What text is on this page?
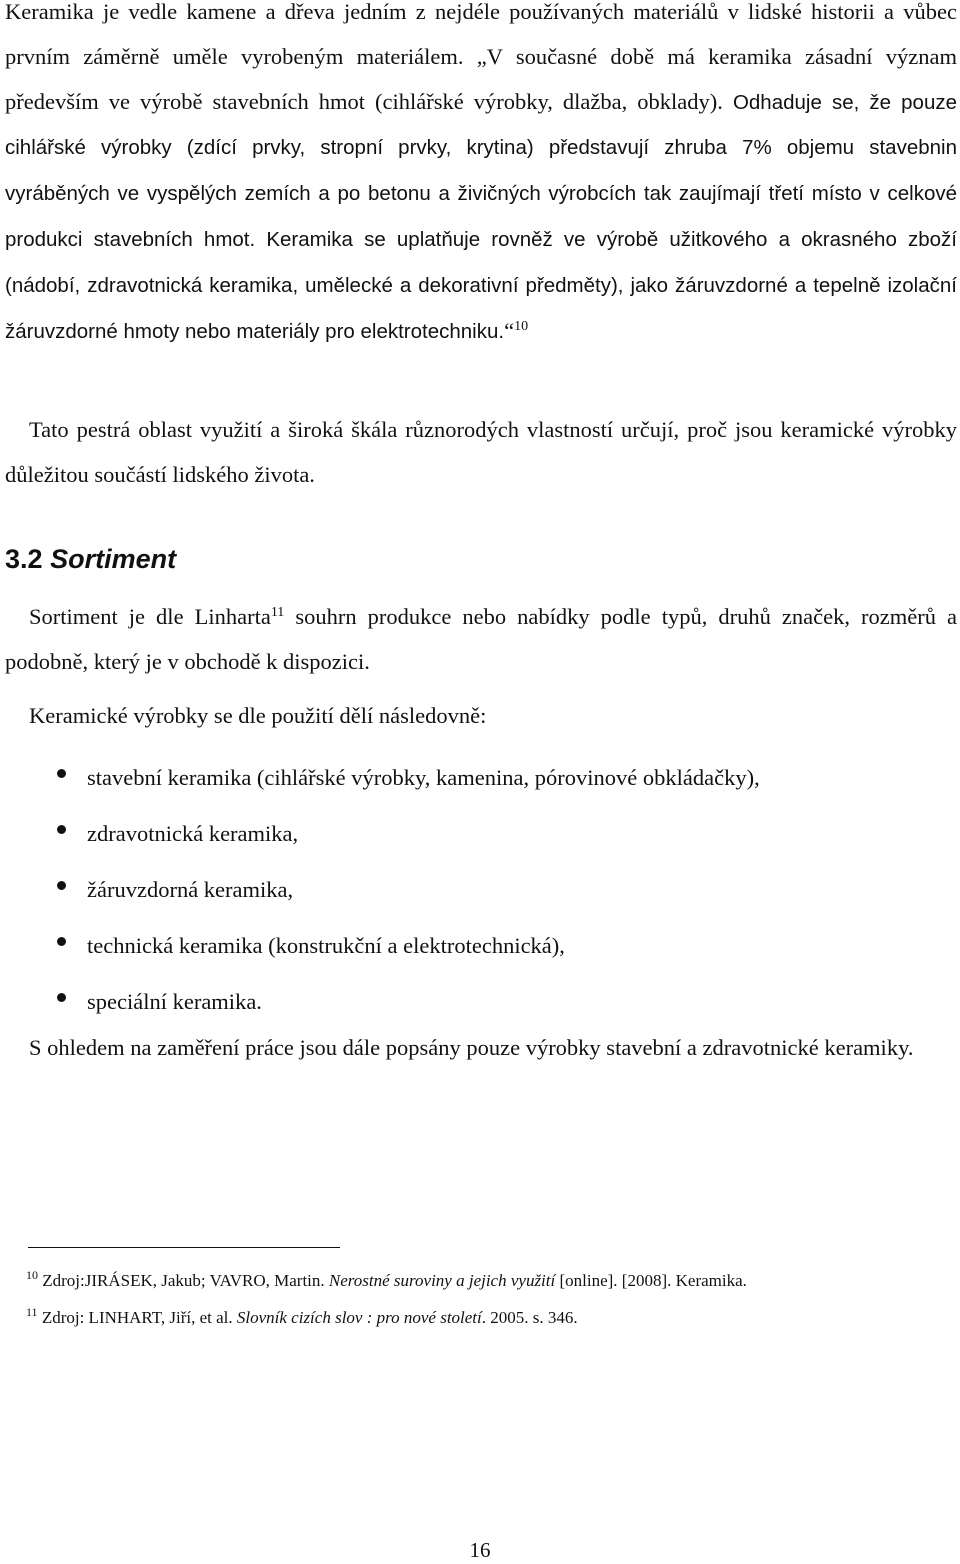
Keramika je vedle kamene a dřeva jedním z nejdéle používaných materiálů v lidské historii a vůbec prvním záměrně uměle vyrobeným materiálem. „V současné době má keramika zásadní význam především ve výrobě stavebních hmot (cihlářské výrobky, dlažba, obklady). Odhaduje se, že pouze cihlářské výrobky (zdící prvky, stropní prvky, krytina) představují zhruba 7% objemu stavebnin vyráběných ve vyspělých zemích a po betonu a živičných výrobcích tak zaujímají třetí místo v celkové produkci stavebních hmot. Keramika se uplatňuje rovněž ve výrobě užitkového a okrasného zboží (nádobí, zdravotnická keramika, umělecké a dekorativní předměty), jako žáruvzdorné a tepelně izolační žáruvzdorné hmoty nebo materiály pro elektrotechniku.“$^{10}$

Tato pestrá oblast využití a široká škála různorodých vlastností určují, proč jsou keramické výrobky důležitou součástí lidského života.

3.2 Sortiment

Sortiment je dle Linharta$^{11}$ souhrn produkce nebo nabídky podle typů, druhů značek, rozměrů a podobně, který je v obchodě k dispozici.

Keramické výrobky se dle použití dělí následovně:

stavební keramika (cihlářské výrobky, kamenina, pórovinové obkládačky),
zdravotnická keramika,
žáruvzdorná keramika,
technická keramika (konstrukční a elektrotechnická),
speciální keramika.

S ohledem na zaměření práce jsou dále popsány pouze výrobky stavební a zdravotnické keramiky.

$^{10}$ Zdroj:JIRÁSEK, Jakub; VAVRO, Martin. Nerostné suroviny a jejich využití [online]. [2008]. Keramika.

$^{11}$ Zdroj: LINHART, Jiří, et al. Slovník cizích slov : pro nové století. 2005. s. 346.

16
